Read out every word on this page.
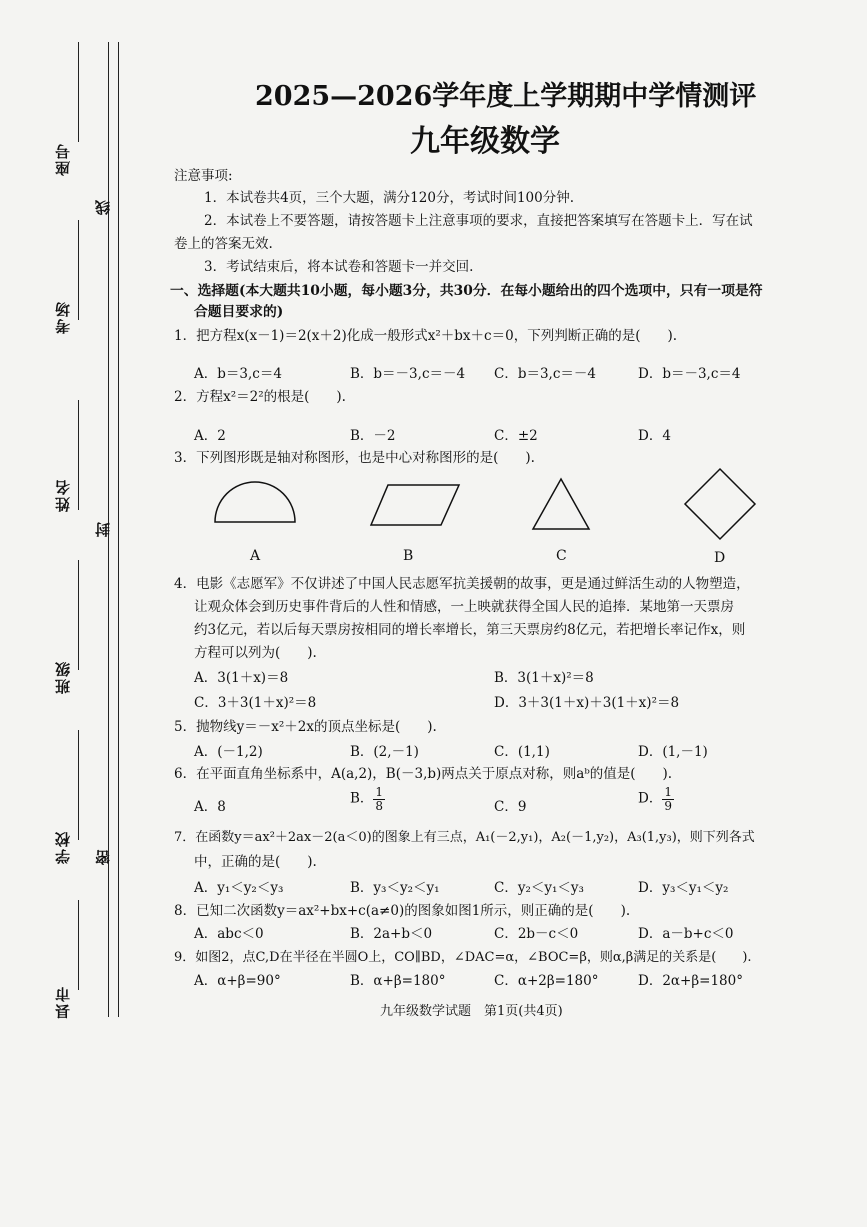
座号
考场
姓名
班级
学校
县市
线
封
密
2025—2026学年度上学期期中学情测评
九年级数学
注意事项:
1．本试卷共4页，三个大题，满分120分，考试时间100分钟.
2．本试卷上不要答题，请按答题卡上注意事项的要求，直接把答案填写在答题卡上．写在试
卷上的答案无效.
3．考试结束后，将本试卷和答题卡一并交回.
一、选择题(本大题共10小题，每小题3分，共30分．在每小题给出的四个选项中，只有一项是符
合题目要求的)
1．把方程x(x－1)＝2(x＋2)化成一般形式x²＋bx＋c＝0，下列判断正确的是(　　).
A．b＝3,c＝4	B．b＝－3,c＝－4 C．b＝3,c＝－4	D．b＝－3,c＝4
2．方程x²＝2²的根是(　　).
A．2	B．－2	C．±2	D．4
3．下列图形既是轴对称图形，也是中心对称图形的是(　　).
A	B	C	D
4．电影《志愿军》不仅讲述了中国人民志愿军抗美援朝的故事，更是通过鲜活生动的人物塑造，
让观众体会到历史事件背后的人性和情感，一上映就获得全国人民的追捧．某地第一天票房
约3亿元，若以后每天票房按相同的增长率增长，第三天票房约8亿元，若把增长率记作x，则
方程可以列为(　　).
A．3(1＋x)＝8	B．3(1＋x)²＝8
C．3＋3(1＋x)²＝8	D．3＋3(1＋x)＋3(1＋x)²＝8
5．抛物线y＝－x²＋2x的顶点坐标是(　　).
A．(－1,2)	B．(2,－1)	C．(1,1)	D．(1,－1)
6．在平面直角坐标系中，A(a,2)，B(－3,b)两点关于原点对称，则aᵇ的值是(　　).
A．8
B． $\frac{1}{8}$	C．9
D． $\frac{1}{9}$
7．在函数y＝ax²＋2ax－2(a＜0)的图象上有三点，A₁(－2,y₁)，A₂(－1,y₂)，A₃(1,y₃)，则下列各式
中，正确的是(　　).
A．y₁＜y₂＜y₃	B．y₃＜y₂＜y₁	C．y₂＜y₁＜y₃	D．y₃＜y₁＜y₂
8．已知二次函数y＝ax²+bx+c(a≠0)的图象如图1所示，则正确的是(　　).
A．abc＜0	B．2a+b＜0	C．2b－c＜0	D．a－b+c＜0
9．如图2，点C,D在半径在半圆O上，CO∥BD，∠DAC=α，∠BOC=β，则α,β满足的关系是(　　).
A．α+β=90°	B．α+β=180°	C．α+2β=180°	D．2α+β=180°
九年级数学试题　第1页(共4页)
